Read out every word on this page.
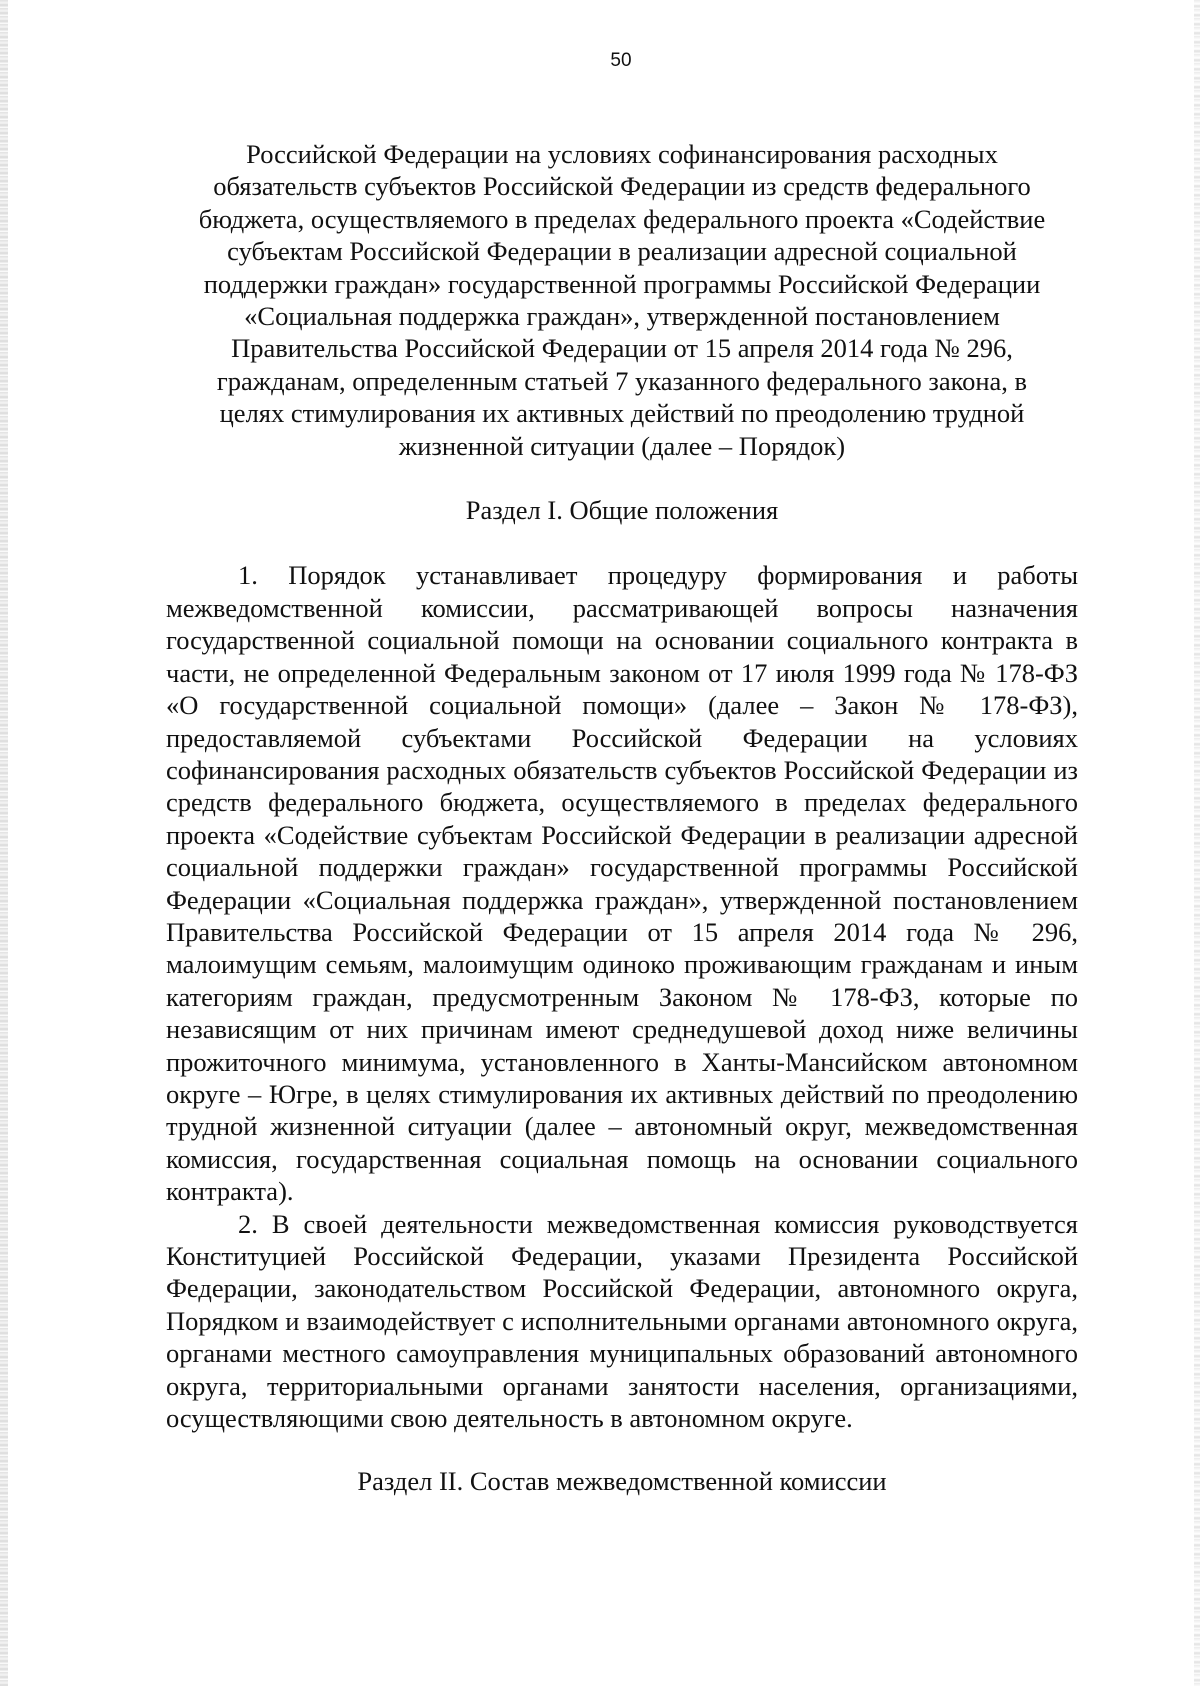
50
Российской Федерации на условиях софинансирования расходных
обязательств субъектов Российской Федерации из средств федерального
бюджета, осуществляемого в пределах федерального проекта «Содействие
субъектам Российской Федерации в реализации адресной социальной
поддержки граждан» государственной программы Российской Федерации
«Социальная поддержка граждан», утвержденной постановлением
Правительства Российской Федерации от 15 апреля 2014 года № 296,
гражданам, определенным статьей 7 указанного федерального закона, в
целях стимулирования их активных действий по преодолению трудной
жизненной ситуации (далее – Порядок)
Раздел I. Общие положения

1. Порядок устанавливает процедуру формирования и работы межведомственной комиссии, рассматривающей вопросы назначения государственной социальной помощи на основании социального контракта в части, не определенной Федеральным законом от 17 июля 1999 года № 178-ФЗ «О государственной социальной помощи» (далее – Закон № 178-ФЗ), предоставляемой субъектами Российской Федерации на условиях софинансирования расходных обязательств субъектов Российской Федерации из средств федерального бюджета, осуществляемого в пределах федерального проекта «Содействие субъектам Российской Федерации в реализации адресной социальной поддержки граждан» государственной программы Российской Федерации «Социальная поддержка граждан», утвержденной постановлением Правительства Российской Федерации от 15 апреля 2014 года № 296, малоимущим семьям, малоимущим одиноко проживающим гражданам и иным категориям граждан, предусмотренным Законом № 178-ФЗ, которые по независящим от них причинам имеют среднедушевой доход ниже величины прожиточного минимума, установленного в Ханты-Мансийском автономном округе – Югре, в целях стимулирования их активных действий по преодолению трудной жизненной ситуации (далее – автономный округ, межведомственная комиссия, государственная социальная помощь на основании социального контракта).

2. В своей деятельности межведомственная комиссия руководствуется Конституцией Российской Федерации, указами Президента Российской Федерации, законодательством Российской Федерации, автономного округа, Порядком и взаимодействует с исполнительными органами автономного округа, органами местного самоуправления муниципальных образований автономного округа, территориальными органами занятости населения, организациями, осуществляющими свою деятельность в автономном округе.

Раздел II. Состав межведомственной комиссии
